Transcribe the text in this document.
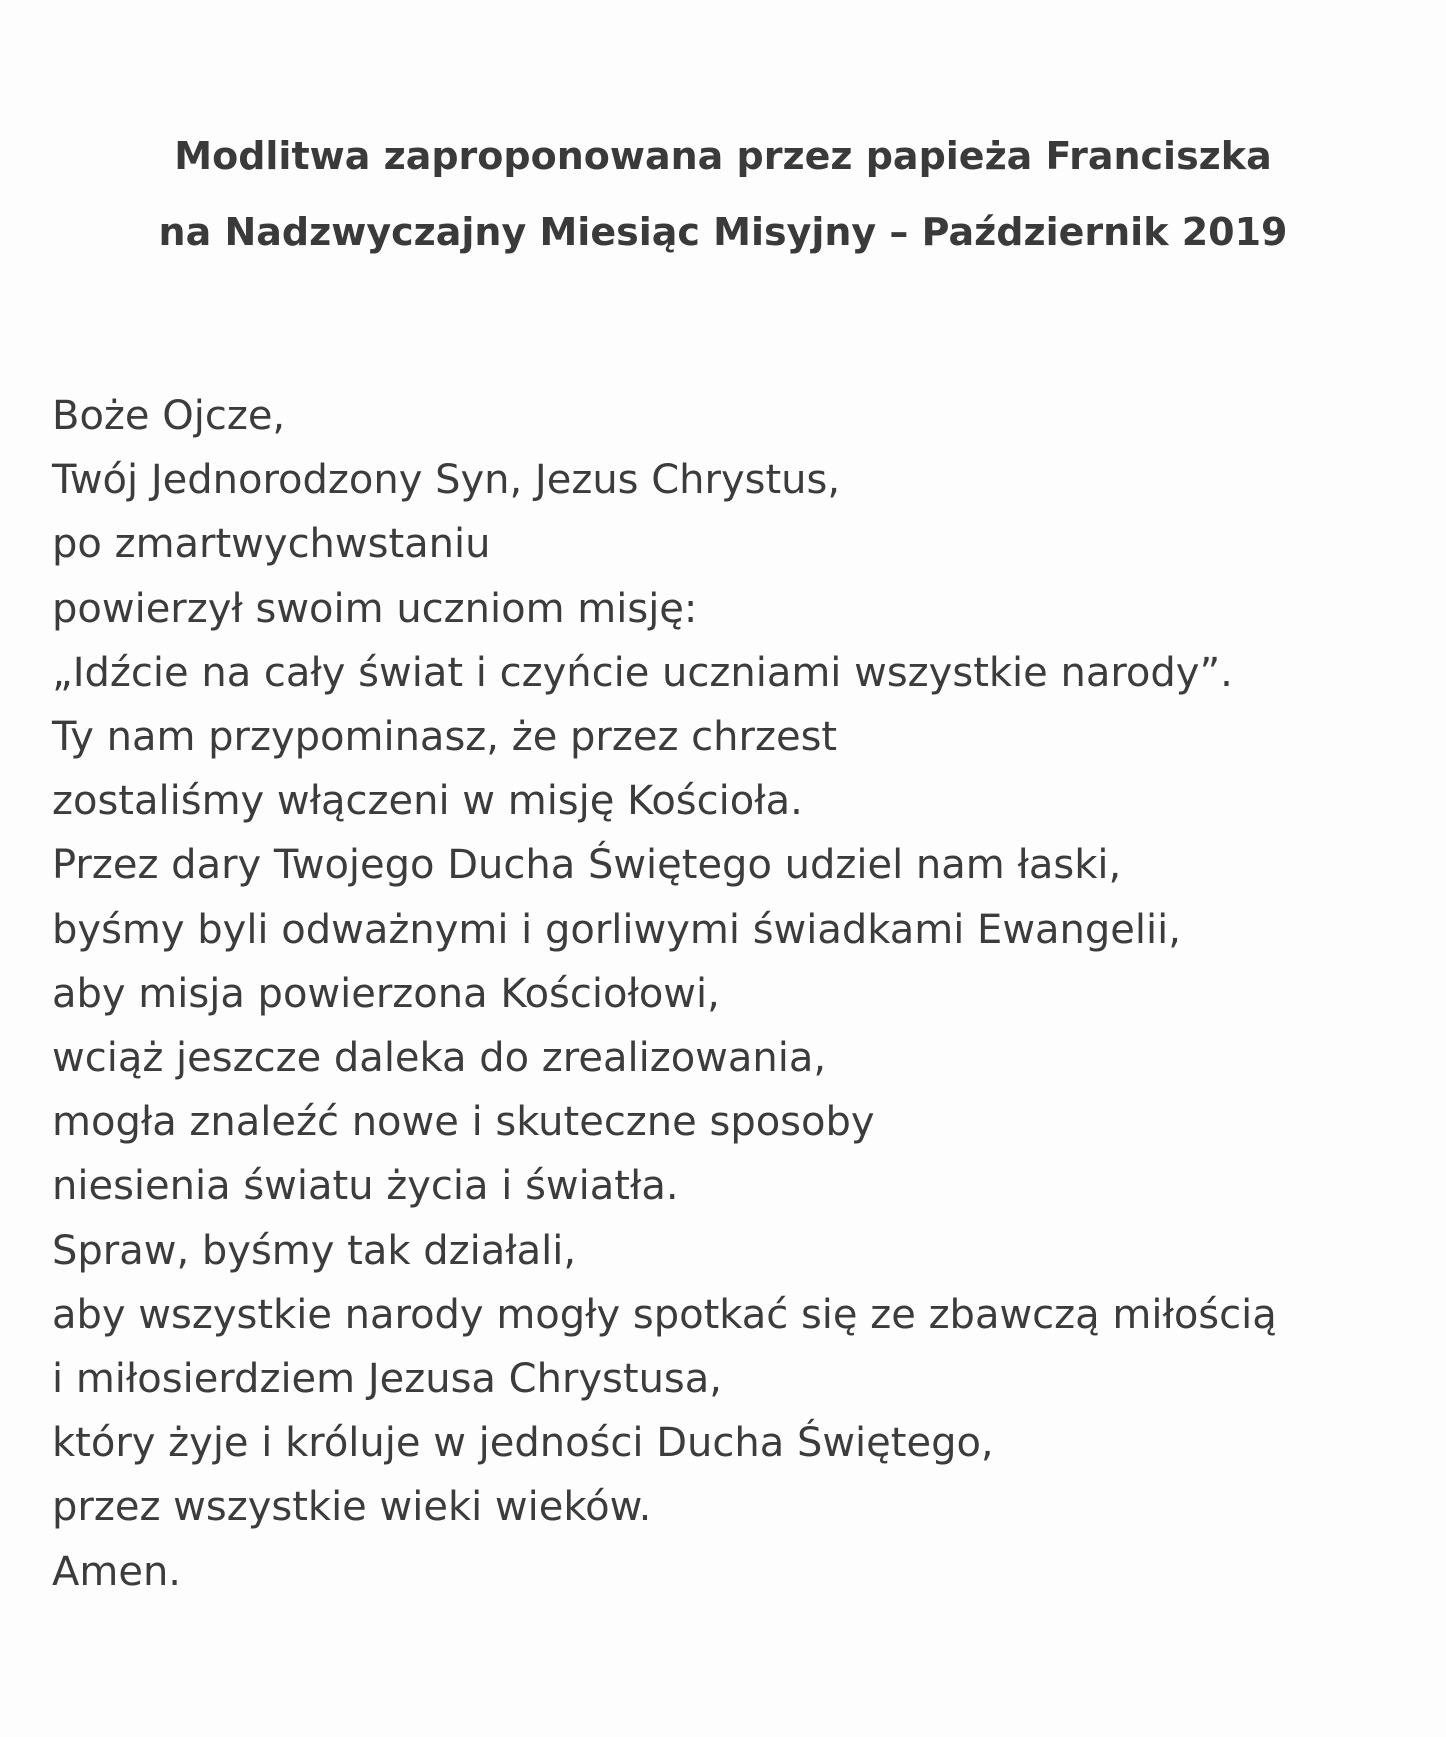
Modlitwa zaproponowana przez papieża Franciszka
na Nadzwyczajny Miesiąc Misyjny – Październik 2019
Boże Ojcze,
Twój Jednorodzony Syn, Jezus Chrystus,
po zmartwychwstaniu
powierzył swoim uczniom misję:
„Idźcie na cały świat i czyńcie uczniami wszystkie narody”.
Ty nam przypominasz, że przez chrzest
zostaliśmy włączeni w misję Kościoła.
Przez dary Twojego Ducha Świętego udziel nam łaski,
byśmy byli odważnymi i gorliwymi świadkami Ewangelii,
aby misja powierzona Kościołowi,
wciąż jeszcze daleka do zrealizowania,
mogła znaleźć nowe i skuteczne sposoby
niesienia światu życia i światła.
Spraw, byśmy tak działali,
aby wszystkie narody mogły spotkać się ze zbawczą miłością
i miłosierdziem Jezusa Chrystusa,
który żyje i króluje w jedności Ducha Świętego,
przez wszystkie wieki wieków.
Amen.
